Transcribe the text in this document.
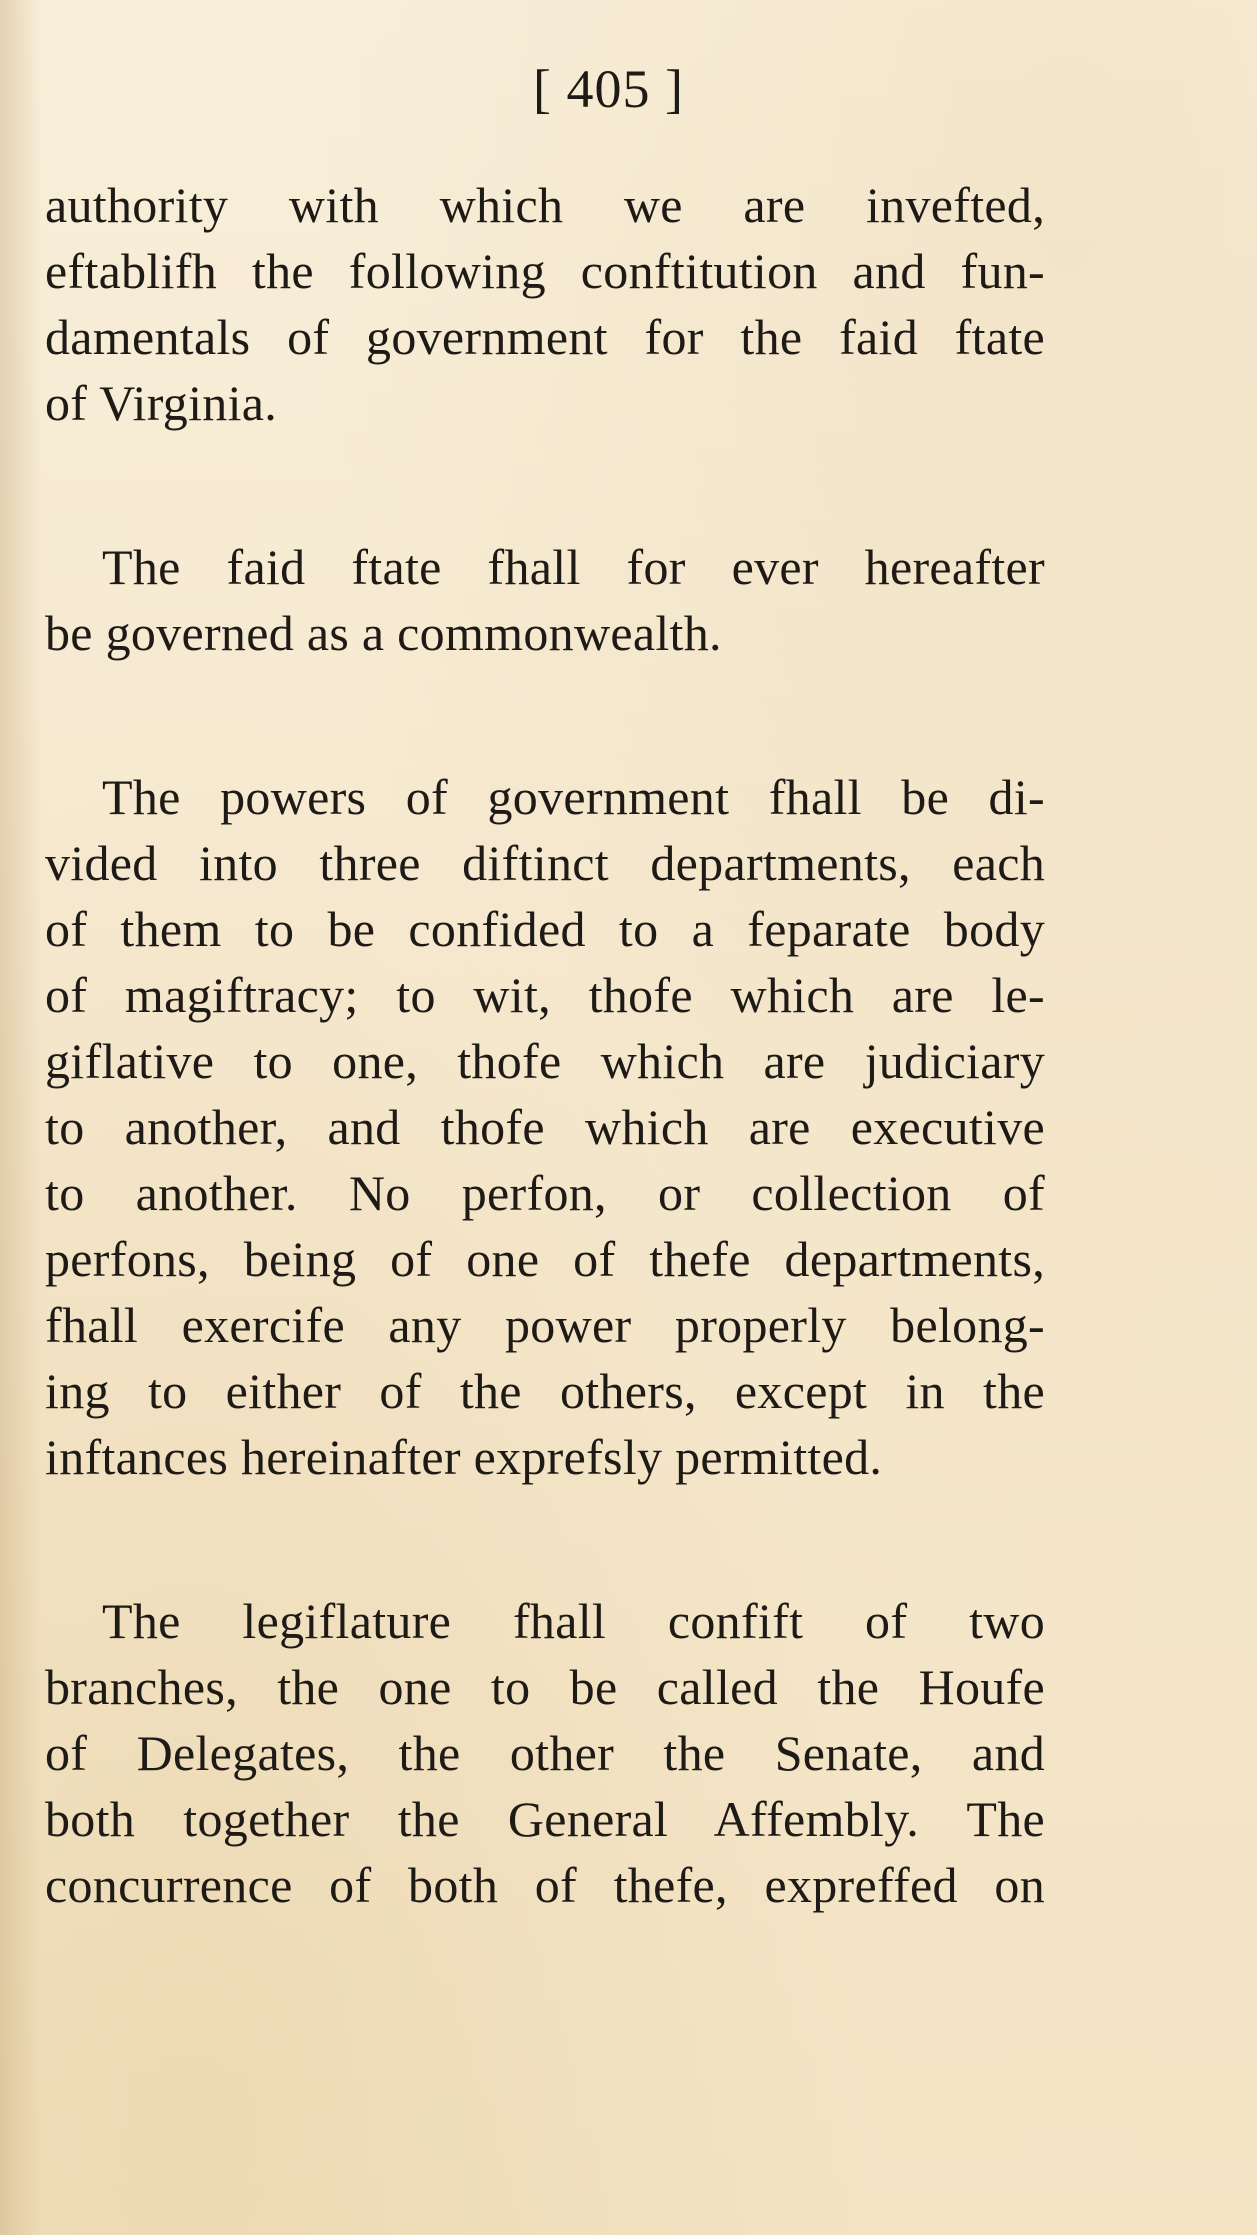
[ 405 ]
authority with which we are invefted,
eftablifh the following conftitution and fun-
damentals of government for the faid ftate
of Virginia.
The faid ftate fhall for ever hereafter
be governed as a commonwealth.
The powers of government fhall be di-
vided into three diftinct departments, each
of them to be confided to a feparate body
of magiftracy; to wit, thofe which are le-
giflative to one, thofe which are judiciary
to another, and thofe which are executive
to another. No perfon, or collection of
perfons, being of one of thefe departments,
fhall exercife any power properly belong-
ing to either of the others, except in the
inftances hereinafter exprefsly permitted.
The legiflature fhall confift of two
branches, the one to be called the Houfe
of Delegates, the other the Senate, and
both together the General Affembly. The
concurrence of both of thefe, expreffed on
